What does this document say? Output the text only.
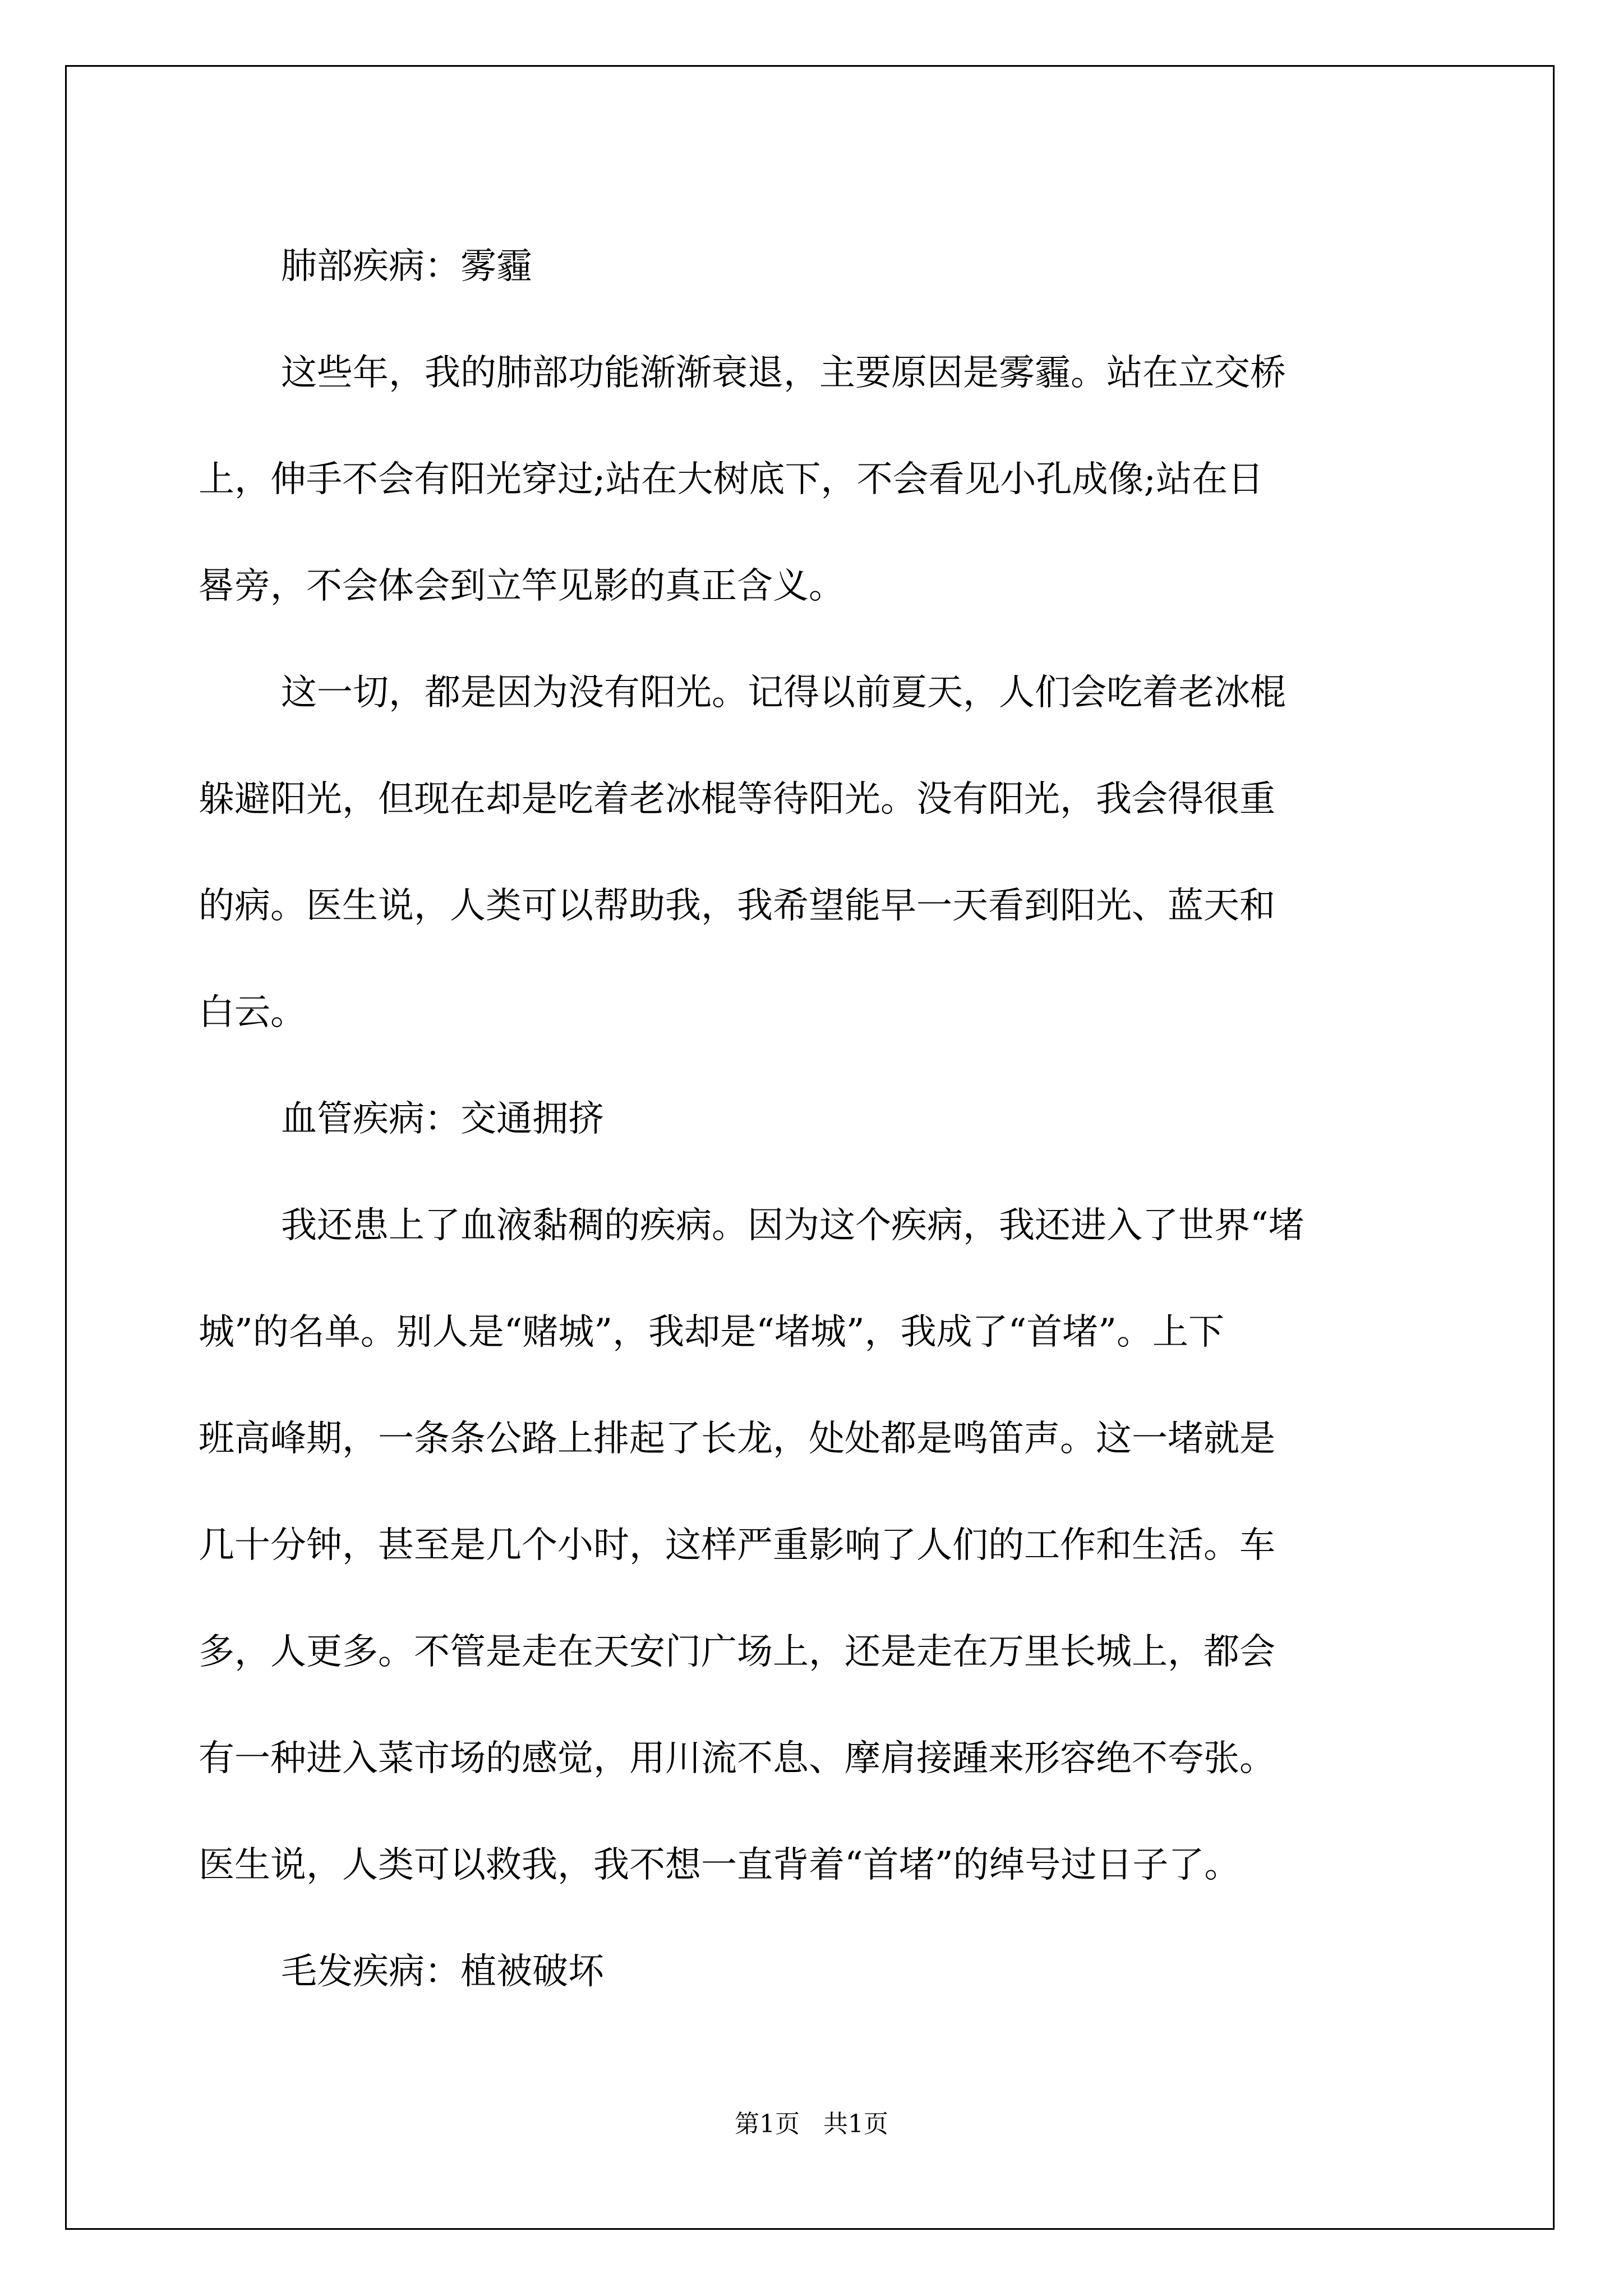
肺部疾病：雾霾
这些年，我的肺部功能渐渐衰退，主要原因是雾霾。站在立交桥
上，伸手不会有阳光穿过;站在大树底下，不会看见小孔成像;站在日
晷旁，不会体会到立竿见影的真正含义。
这一切，都是因为没有阳光。记得以前夏天，人们会吃着老冰棍
躲避阳光，但现在却是吃着老冰棍等待阳光。没有阳光，我会得很重
的病。医生说，人类可以帮助我，我希望能早一天看到阳光、蓝天和
白云。
血管疾病：交通拥挤
我还患上了血液黏稠的疾病。因为这个疾病，我还进入了世界“堵
城”的名单。别人是“赌城”，我却是“堵城”，我成了“首堵”。上下
班高峰期，一条条公路上排起了长龙，处处都是鸣笛声。这一堵就是
几十分钟，甚至是几个小时，这样严重影响了人们的工作和生活。车
多，人更多。不管是走在天安门广场上，还是走在万里长城上，都会
有一种进入菜市场的感觉，用川流不息、摩肩接踵来形容绝不夸张。
医生说，人类可以救我，我不想一直背着“首堵”的绰号过日子了。
毛发疾病：植被破坏
第1页   共1页
